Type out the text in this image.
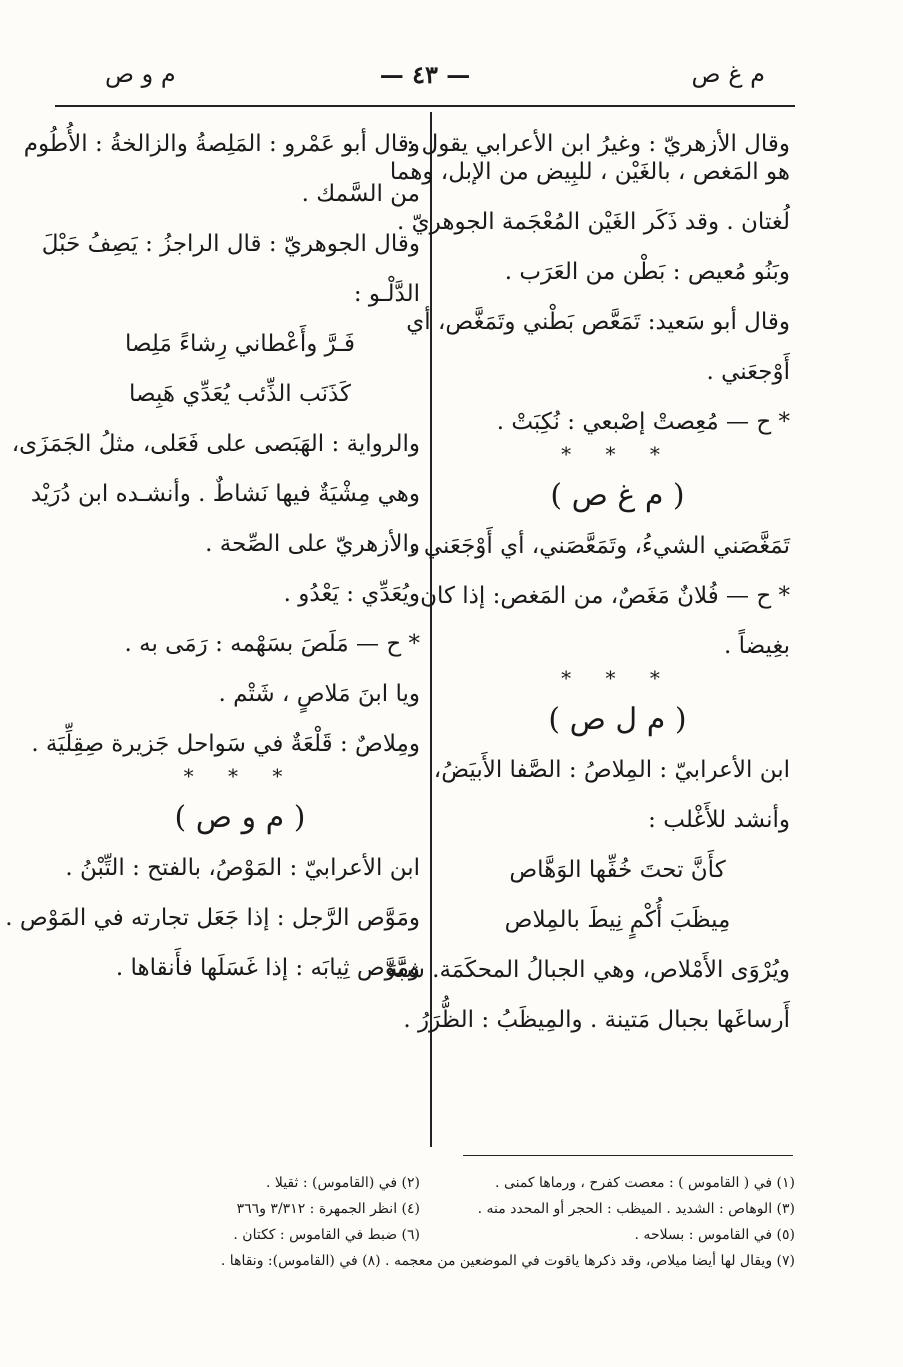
م غ ص
— ٤٣ —
م و ص
وقال الأزهريّ : وغيرُ ابن الأعرابي يقول :
هو المَغص ، بالغَيْن ، للبِيض من الإبل، وهما
لُغتان . وقد ذَكَر الغَيْن المُعْجَمة الجوهريّ .
وبَنُو مُعيص : بَطْن من العَرَب .
وقال أبو سَعيد: تَمَعَّص بَطْني وتَمَغَّص، أي
أَوْجعَني .
* ح — مُعِصتْ إصْبعي : نُكِبَتْ .
* * *
( م غ ص )
تَمَغَّصَني الشيءُ، وتَمَعَّصَني، أي أَوْجَعَني .
* ح — فُلانٌ مَغَصٌ، من المَغص: إذا كان
بغِيضاً .
* * *
( م ل ص )
ابن الأعرابيّ : المِلاصُ : الصَّفا الأَبيَضُ،
وأنشد للأَغْلب :
كأَنَّ تحتَ خُفِّها الوَهَّاص
مِيظَبَ أُكْمٍ نِيطَ بالمِلاص
ويُرْوَى الأَمْلاص، وهي الجبالُ المحكَمَة. شبَّهَ
أَرساغَها بجبال مَتينة . والمِيظَبُ : الظُّرَرُ .
وقال أبو عَمْرو : المَلِصةُ والزالخةُ : الأُطُوم
من السَّمك .
وقال الجوهريّ : قال الراجزُ : يَصِفُ حَبْلَ
الدَّلْـو :
فَـرَّ وأَعْطاني رِشاءً مَلِصا
كَذَنَب الذِّئب يُعَدِّي هَبِصا
والرواية : الهَبَصى على فَعَلى، مثلُ الجَمَزَى،
وهي مِشْيَةٌ فيها نَشاطٌ . وأنشـده ابن دُرَيْد
والأزهريّ على الصِّحة .
ويُعَدِّي : يَعْدُو .
* ح — مَلَصَ بسَهْمه : رَمَى به .
ويا ابنَ مَلاصٍ ، شَتْم .
ومِلاصٌ : قَلْعَةٌ في سَواحل جَزيرة صِقِلِّيَة .
* * *
( م و ص )
ابن الأعرابيّ : المَوْصُ، بالفتح : التِّبْنُ .
ومَوَّص الرَّجل : إذا جَعَل تجارته في المَوْص .
ومَوَّص ثِيابَه : إذا غَسَلَها فأَنقاها .
(١) في ( القاموس ) : معصت كفرح ، ورماها كمنى .
(٢) في (القاموس) : ثقيلا .
(٣) الوهاص : الشديد . الميظب : الحجر أو المحدد منه .
(٤) انظر الجمهرة : ٣/٣١٢ و٣٦٦
(٥) في القاموس : بسلاحه .
(٦) ضبط في القاموس : ككتان .
(٧) ويقال لها أيضا ميلاص، وقد ذكرها ياقوت في الموضعين من معجمه . (٨) في (القاموس): ونقاها .
